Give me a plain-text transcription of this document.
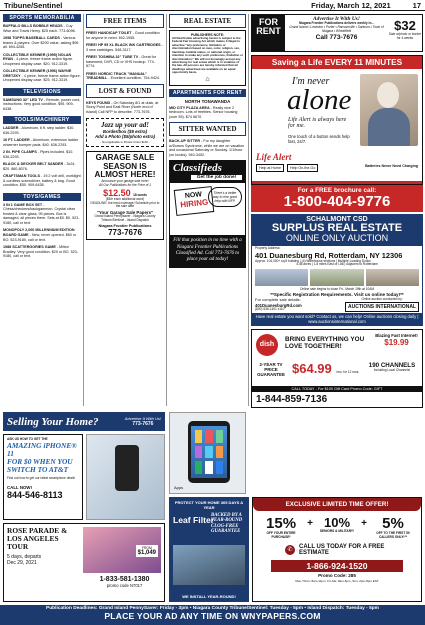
Tribune/Sentinel	Friday, March 12, 2021	17
SPORTS MEMORABILIA
BUFFALO BILLS BOBBLE HEADS - Cuy Wise and Travis Henry. $25 each. 773-6096.
1958 TOPPS BASEBALL CARDS - Various teams & players. Over $200 value, asking $95 all. 694-4265.
COLLECTIBLE KENNER (1995) NOLAN RYAN - 4 piece, freeze frame action figure. Unopened display case. $20. 912-3319.
COLLECTIBLE KENNER (1996) WAYNE GRETZKY - 4 piece, freeze frame action figure. Unopened display case. $25. 912-3319.
TELEVISIONS
SAMSUNG 32" LED TV - Remote, power cord, instructions. Very good condition. $95. 909-6438.
TOOLS/MACHINERY
LADDER - Aluminum, 6 ft. step ladder. $30. 636-2293.
16 FT. LADDER - Aluminum, extension ladder w/werner bumper pads. $40. 636-2293.
2 IN. PIPE CLAMPS - Pipes included. $10. 636-2293.
BLACK & DECKER BELT SANDER - 3x24. $20. 860-8076.
CRAFTSMAN TOOLS - 19.2 volt drill, worklight & cordless screwdriver, battery & bag. Good condition. $50. 909-6438.
TOYS/GAMES
3 IN 1 GAME BOX SET - Chess/checkers/backgammon. Crystal clear frosted & clear glass, 95 pieces. Box is damaged, all pieces there. Sets at $0. $0. 523-9180, call or text.
MONOPOLY 2,000 MILLENNIUM EDITION BOARD GAME - New, never opened. $60 or BO. 523-9180, call or text.
1988 SCATTERGORIES GAME - Milton Bradley. Very good condition. $20 or BO. 523-9180, call or text.
FREE ITEMS
FREE! HANDICAP TOILET - Good condition for anyone in need. 692-1955.
FREE! HP 95 XL BLACK INK CARTRIDGES - 3 new cartridges. 548-3117.
FREE! TOSHIBA 32" TUBE TV - Great for basement, DVR, CD or VHS hookup. 774-8774.
FREE! NORDIC TRACK "MANUAL" TREADMILL - Excellent condition. 754-9424.
LOST & FOUND
KEYS FOUND - On Saturday 8/1 at dusk, at Stony Point and East River (North end of Island) Call NFP to describe. 773-7676.
Jazz up your ad!
Border/box ($5 extra)
Add a Photo ($5/photo extra)
- Not applicable to Private Under $100 -
GARAGE SALE SEASON IS ALMOST HERE!
Announce your garage sale here!
All Our Publications for the Price of 1
$12.50 18 words
($5/e each additional word)
DEADLINE: the best coverage! Schedule prior to the sale date
"Your Garage Sale Papers"
Grand Island Pennysaver - Niagara County Tribune/Sentinel - Island Dispatch
Niagara Frontier Publications
773-7676
REAL ESTATE
PUBLISHERS NOTE:
All Real Estate advertising herein is subject to the Federal Fair Housing Act which makes it illegal to advertise "any preference, limitation or discrimination based on race, color, religion, sex, handicap, familial status, or national origin, or intention to make any such preference, limitation or discrimination." We will not knowingly accept any advertising for real estate which is in violation of the law. All persons are hereby informed that all dwellings advertised are available on an equal opportunity basis.
⌂
APARTMENTS FOR RENT
NORTH TONAWANDA
MID CITY PLAZA AREA - Really nice 2 bedroom. Lots of freebies. Senior housing (over 55). $74 6670.
SITTER WANTED
BACK-UP SITTER - For my daughter w/Downs Syndrome, while we are on vacation and occasional Saturday or Sunday. 1/1/hour (on books). 940-3452.
Classifieds
Get the job done!
NOW
HIRING
There's a better way to hire good help with NFP.
Fill that position in no time with a Niagara Frontier Publications Classified Ad. Call 773-7676 to place your ad today!
FOR
RENT
Advertise It With Us!
Niagara Frontier Publications delivers weekly in...
Grand Island • Lewiston • Porter • Ransomville • Sanborn • Town of Niagara • Wheatfield
Call 773-7676
$32
Sale w/photo or border for 4 weeks
Saving a Life EVERY 11 MINUTES
I'm never
alone
Life Alert is always here for me.
One touch of a button sends help fast, 24/7.
Life Alert
Help at Home	Help On-the-Go	Batteries Never Need Charging
For a FREE brochure call:
1-800-404-9776
SCHALMONT CSD
SURPLUS REAL ESTATE
ONLINE ONLY AUCTION
Property Address:
401 Duanesburg Rd, Rotterdam, NY 12306
Approx. 104,000+ sq ft building | (4) Warehouse sections | Multiple Loading Docks
4.48 acres | 1.8 miles East of I-88 | Adjacent to Rotterdam
Online sale begins to close Fri., March 19th at 10AM
**Specific Registration Requirements. Visit us online today!**
For complete sale details:
401DuanesburgRd.com
(800) 536-1401 x110
Online auction conducted by:
AUCTIONS INTERNATIONAL
Have real estate you want sold? Contact us, we can help! Online auctions closing daily | www.auctionsinternational.com
dish
BRING EVERYTHING YOU LOVE TOGETHER!
Blazing Fast Internet!
$19.99
2-YEAR TV PRICE GUARANTEE $64.99 /mo. for 12 mos.
190 CHANNELS
Including Local Channels!
CALL TODAY - For $100 Gift Card Promo Code: GIFT
1-844-859-7136
Selling Your Home?	Advertise It With Us!
773-7676
ASK US HOW TO GET THE
AMAZING iPHONE® 11
FOR $0 WHEN YOU
SWITCH TO AT&T
Find out how to get our latest smartphone deals!
CALL NOW!
844-546-8113
ROSE PARADE & LOS ANGELES TOUR
5 days, departs
Dec 29, 2021
FROM
$1,049
1-833-581-1380
promo code N7017
Apps
PROTECT YOUR HOME 365 DAYS A YEAR
Leaf Filter
BACKED BY A YEAR-ROUND CLOG-FREE GUARANTEE
WE INSTALL YEAR-ROUND!
EXCLUSIVE LIMITED TIME OFFER!
15%
OFF YOUR ENTIRE PURCHASE*
+ 10%
SENIORS & MILITARY!
+	5%
OFF TO THE FIRST 50 CALLERS ONLY!**
✆
CALL US TODAY FOR A FREE ESTIMATE
1-866-924-1520
Promo Code: 285
Mon-Thurs: 8am-11pm, Fri-Sat: 8am-5pm, Sun: 2pm-8pm EST
Publication Deadlines: Grand Island PennySaver: Friday - 3pm • Niagara County Tribune/Sentinel: Tuesday - 5pm • Island Dispatch: Tuesday - 5pm
PLACE YOUR AD ANY TIME ON WNYPAPERS.COM
